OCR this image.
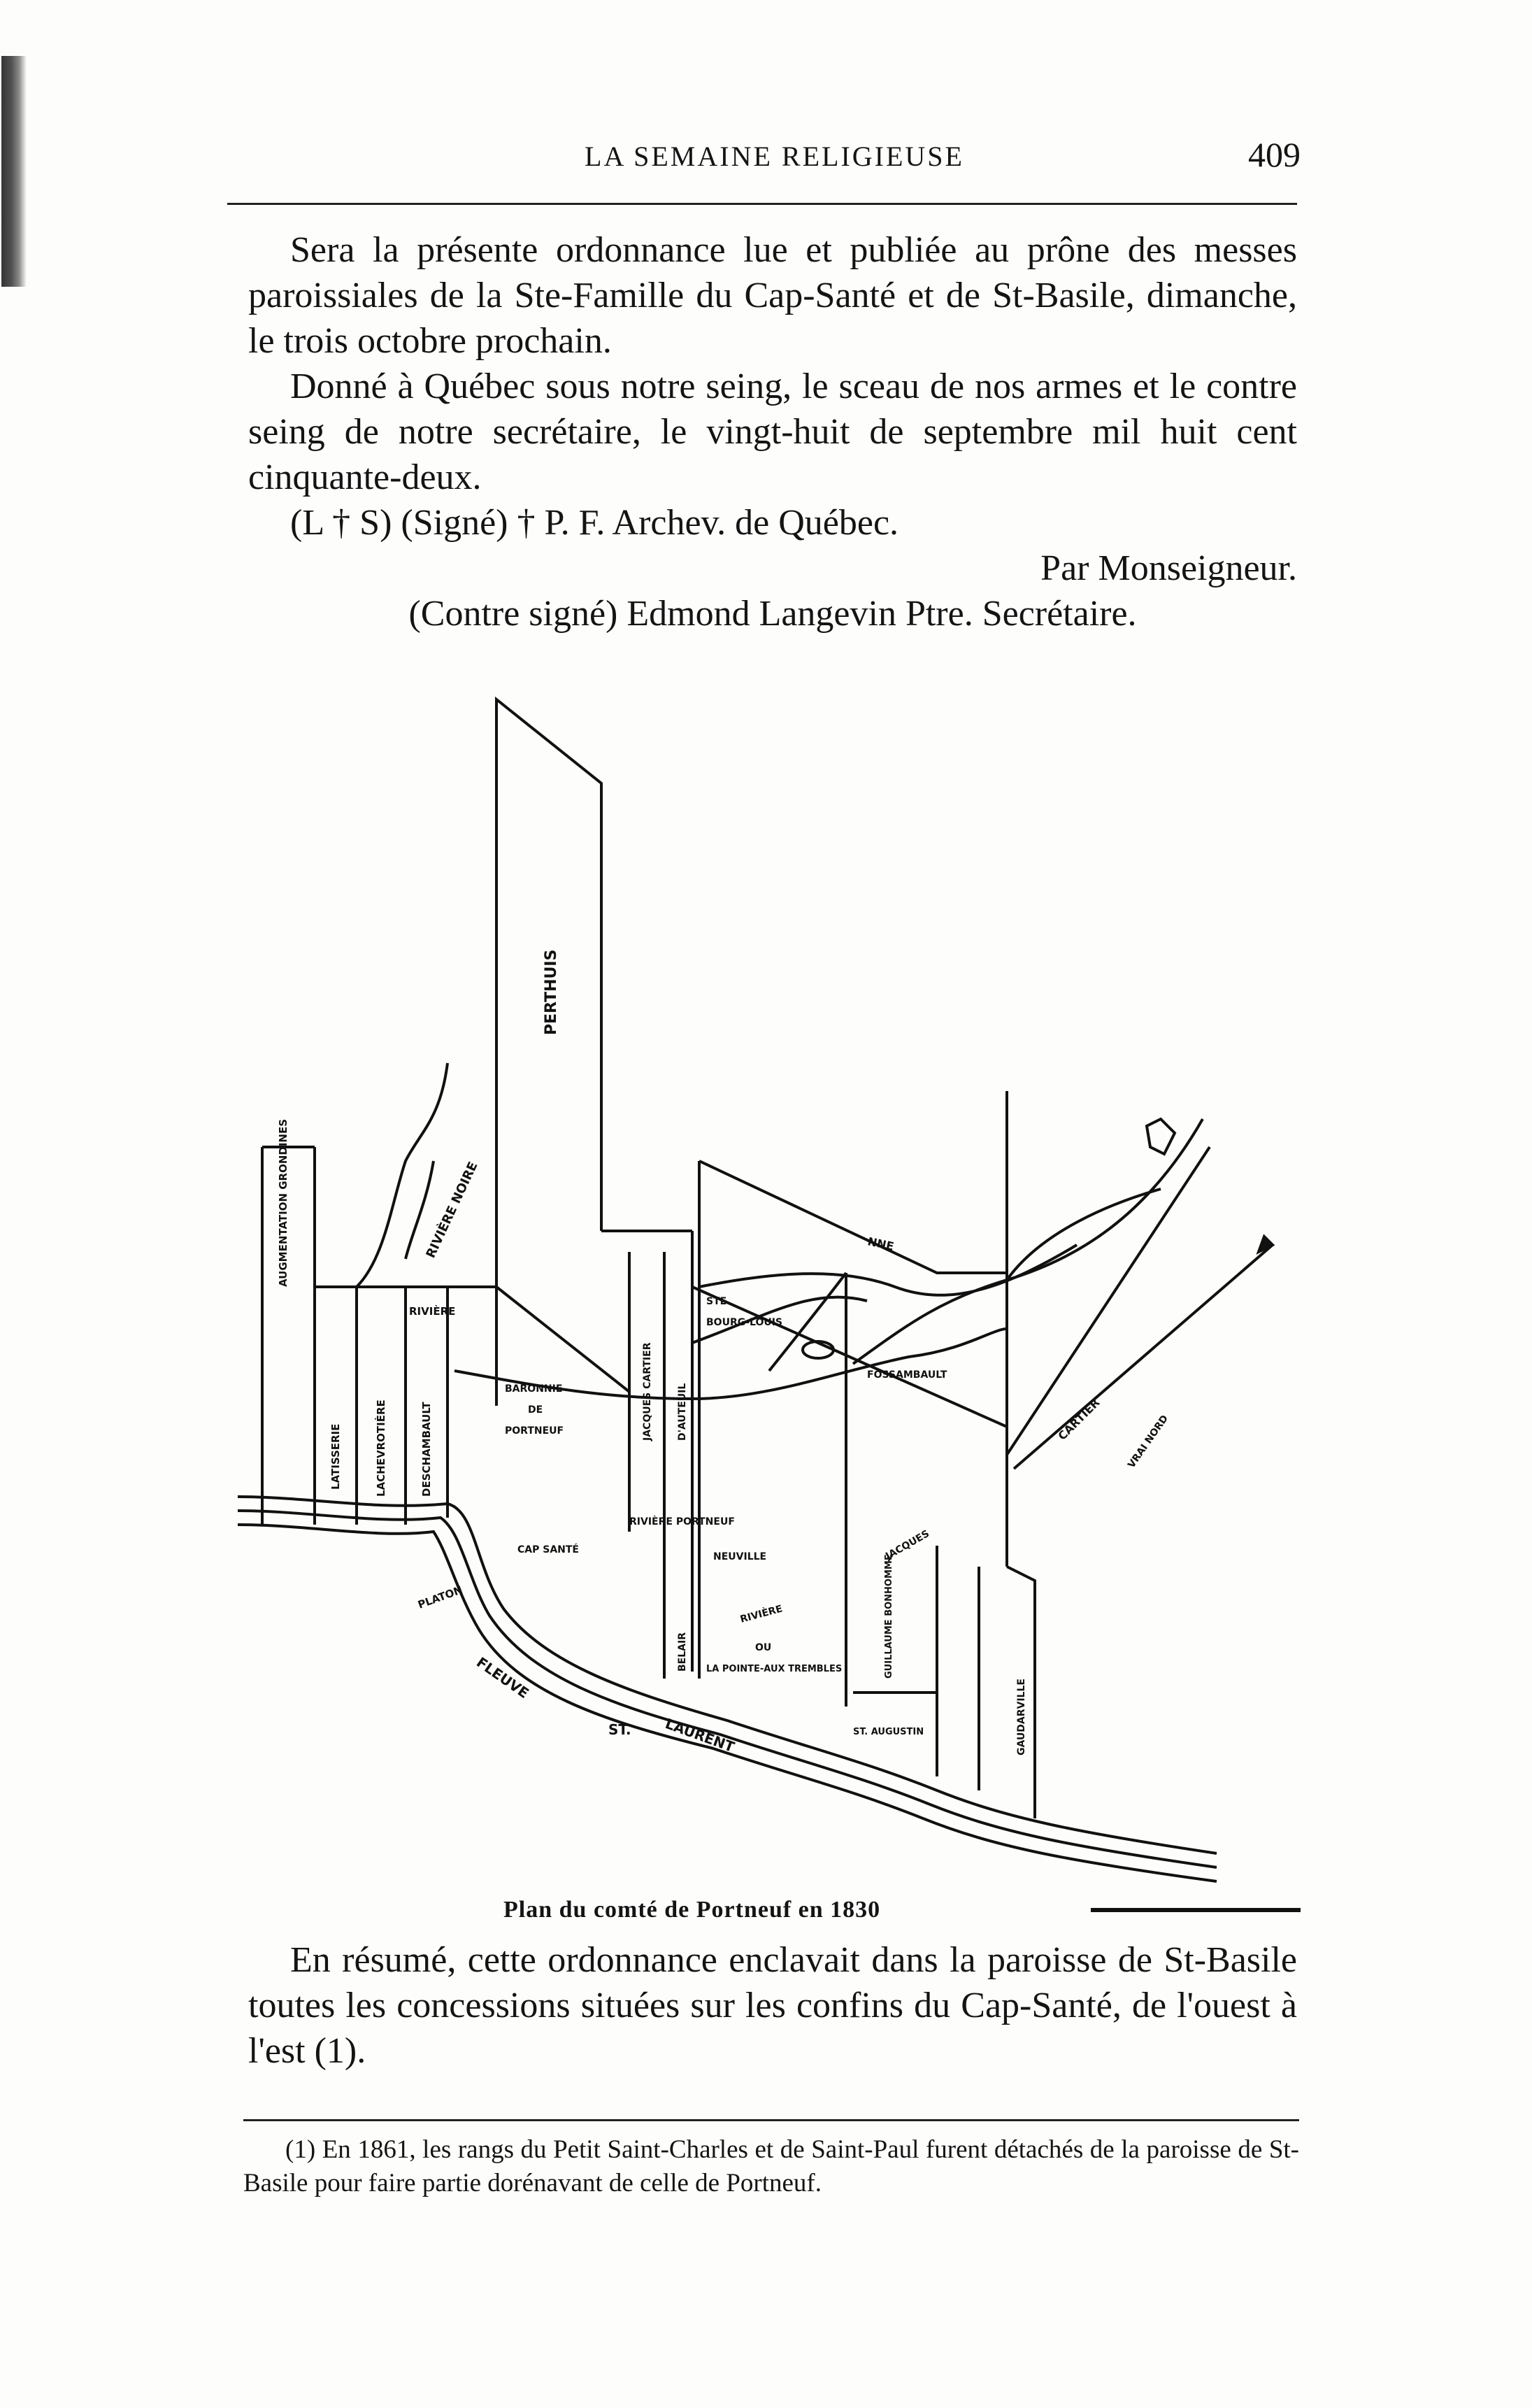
LA SEMAINE RELIGIEUSE	409

Sera la présente ordonnance lue et publiée au prône des messes paroissiales de la Ste-Famille du Cap-Santé et de St-Basile, dimanche, le trois octobre prochain.

Donné à Québec sous notre seing, le sceau de nos armes et le contre seing de notre secrétaire, le vingt-huit de septembre mil huit cent cinquante-deux.

(L † S) (Signé) † P. F. Archev. de Québec.

Par Monseigneur.

(Contre signé) Edmond Langevin Ptre. Secrétaire.

PERTHUIS
RIVIÈRE NOIRE
AUGMENTATION GRONDINES
LATISSERIE	LACHEVROTIÈRE	DESCHAMBAULT
RIVIÈRE
BARONNIE
DE
PORTNEUF	JACQUES CARTIER D'AUTEUIL
STE
BOURG-LOUIS
NNE
FOSSAMBAULT
RIVIÈRE PORTNEUF
CAP SANTÉ
NEUVILLE
PLATON
RIVIÈRE
OU
LA POINTE-AUX TREMBLES
BELAIR	GUILLAUME BONHOMME
JACQUES
FLEUVE
ST. LAURENT	ST. AUGUSTIN	GAUDARVILLE
CARTIER VRAI NORD
Plan du comté de Portneuf en 1830

En résumé, cette ordonnance enclavait dans la paroisse de St-Basile toutes les concessions situées sur les confins du Cap-Santé, de l'ouest à l'est (1).

(1) En 1861, les rangs du Petit Saint-Charles et de Saint-Paul furent détachés de la paroisse de St-Basile pour faire partie dorénavant de celle de Portneuf.
